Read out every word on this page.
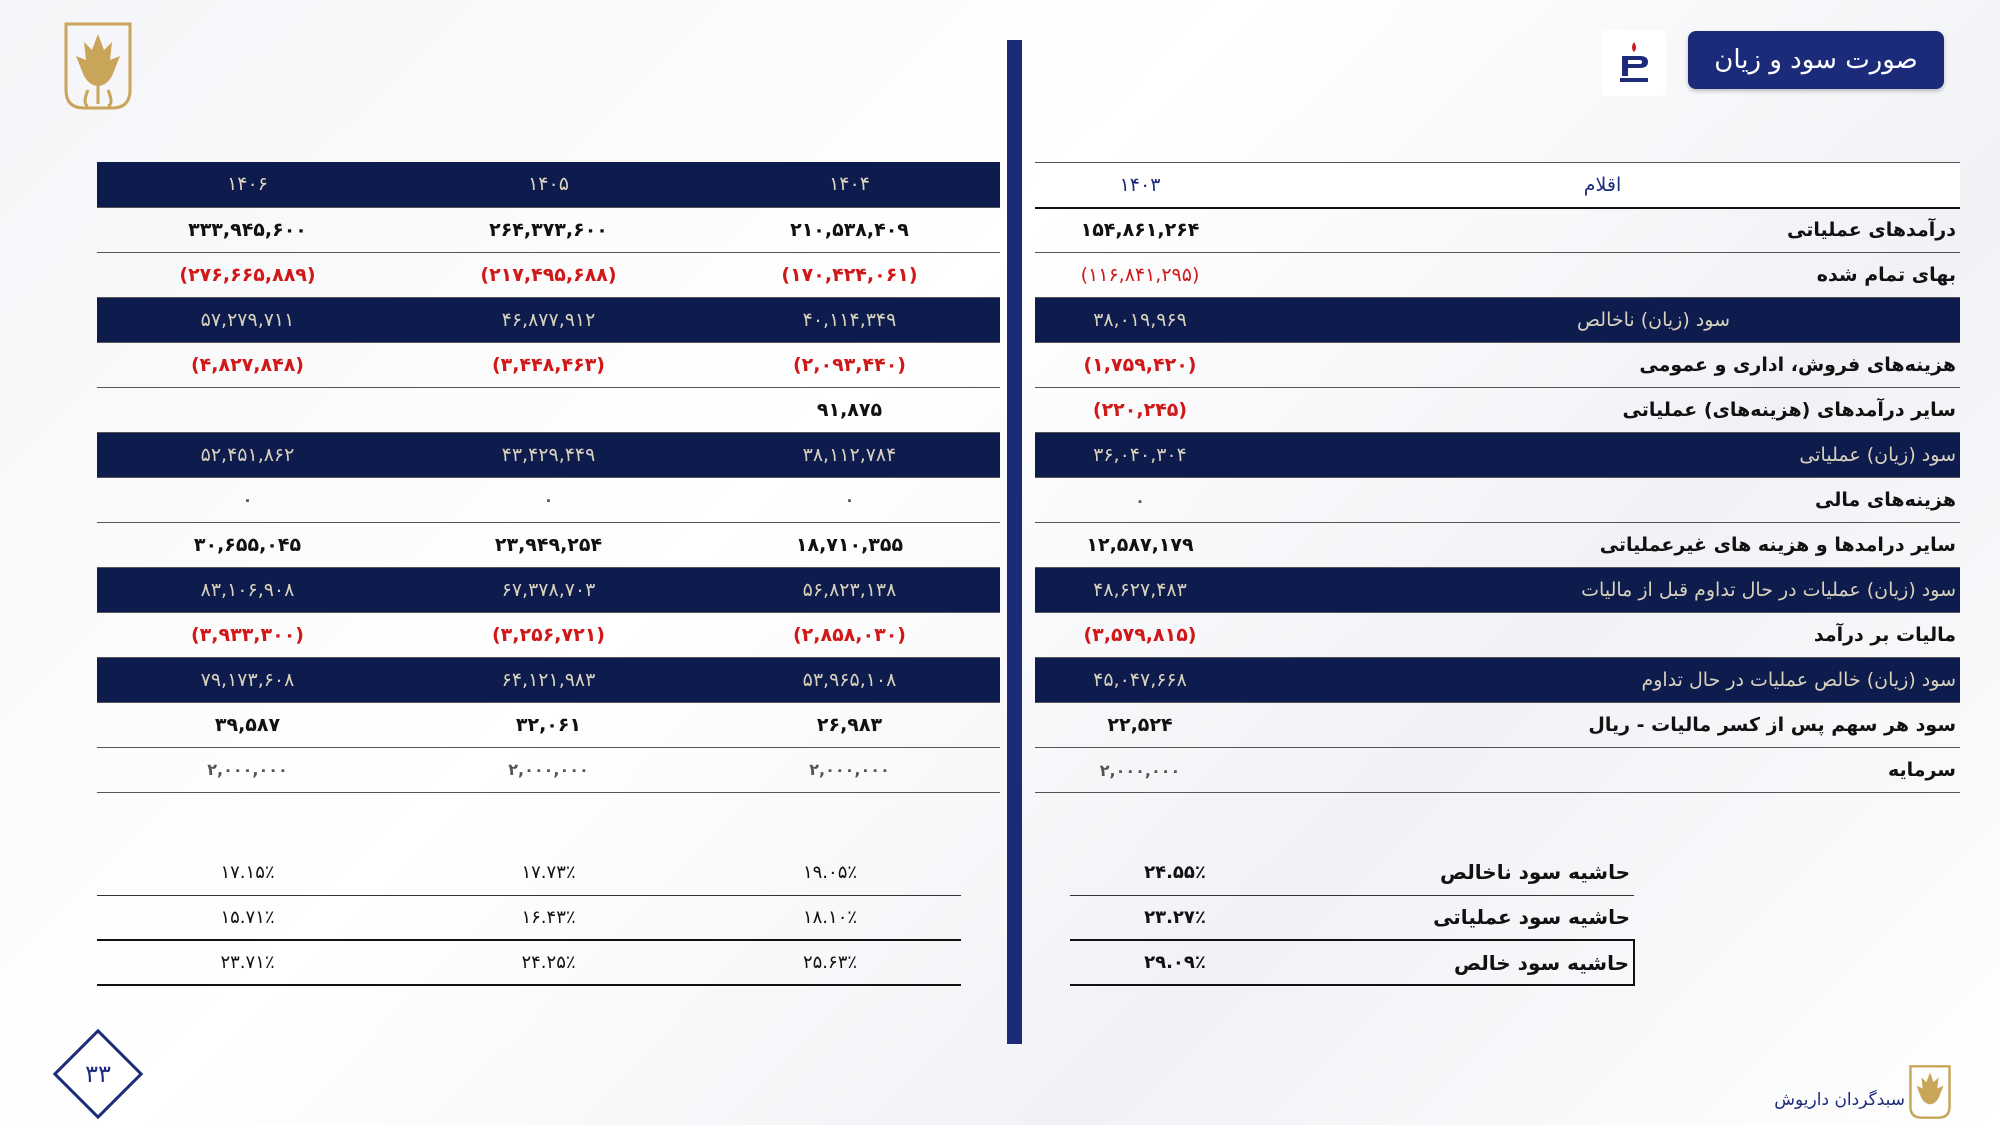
صورت سود و زیان
۱۴۰۳	اقلام
۱۵۴,۸۶۱,۲۶۴	درآمدهای عملیاتی
(۱۱۶,۸۴۱,۲۹۵)	بهای تمام شده
۳۸,۰۱۹,۹۶۹	سود (زیان) ناخالص
(۱,۷۵۹,۴۲۰)	هزینه‌های فروش، اداری و عمومی
(۲۲۰,۲۴۵)	سایر درآمدهای (هزینه‌های) عملیاتی
۳۶,۰۴۰,۳۰۴	سود (زیان) عملیاتی
۰	هزینه‌های مالی
۱۲,۵۸۷,۱۷۹	سایر درامدها و هزینه های غیرعملیاتی
۴۸,۶۲۷,۴۸۳	سود (زیان) عملیات در حال تداوم قبل از مالیات
(۳,۵۷۹,۸۱۵)	مالیات بر درآمد
۴۵,۰۴۷,۶۶۸	سود (زیان) خالص عملیات در حال تداوم
۲۲,۵۲۴	سود هر سهم پس از کسر مالیات - ریال
۲,۰۰۰,۰۰۰	سرمایه
۱۴۰۶	۱۴۰۵	۱۴۰۴
۳۳۳,۹۴۵,۶۰۰	۲۶۴,۳۷۳,۶۰۰	۲۱۰,۵۳۸,۴۰۹
(۲۷۶,۶۶۵,۸۸۹)	(۲۱۷,۴۹۵,۶۸۸)	(۱۷۰,۴۲۴,۰۶۱)
۵۷,۲۷۹,۷۱۱	۴۶,۸۷۷,۹۱۲	۴۰,۱۱۴,۳۴۹
(۴,۸۲۷,۸۴۸)	(۳,۴۴۸,۴۶۳)	(۲,۰۹۳,۴۴۰)
		۹۱,۸۷۵
۵۲,۴۵۱,۸۶۲	۴۳,۴۲۹,۴۴۹	۳۸,۱۱۲,۷۸۴
۰	۰	۰
۳۰,۶۵۵,۰۴۵	۲۳,۹۴۹,۲۵۴	۱۸,۷۱۰,۳۵۵
۸۳,۱۰۶,۹۰۸	۶۷,۳۷۸,۷۰۳	۵۶,۸۲۳,۱۳۸
(۳,۹۳۳,۳۰۰)	(۳,۲۵۶,۷۲۱)	(۲,۸۵۸,۰۳۰)
۷۹,۱۷۳,۶۰۸	۶۴,۱۲۱,۹۸۳	۵۳,۹۶۵,۱۰۸
۳۹,۵۸۷	۳۲,۰۶۱	۲۶,۹۸۳
۲,۰۰۰,۰۰۰	۲,۰۰۰,۰۰۰	۲,۰۰۰,۰۰۰
۲۴.۵۵٪	حاشیه سود ناخالص
۲۳.۲۷٪	حاشیه سود عملیاتی
۲۹.۰۹٪	حاشیه سود خالص
۱۷.۱۵٪	۱۷.۷۳٪	۱۹.۰۵٪
۱۵.۷۱٪	۱۶.۴۳٪	۱۸.۱۰٪
۲۳.۷۱٪	۲۴.۲۵٪	۲۵.۶۳٪
۳۳
سبدگردان داریوش
